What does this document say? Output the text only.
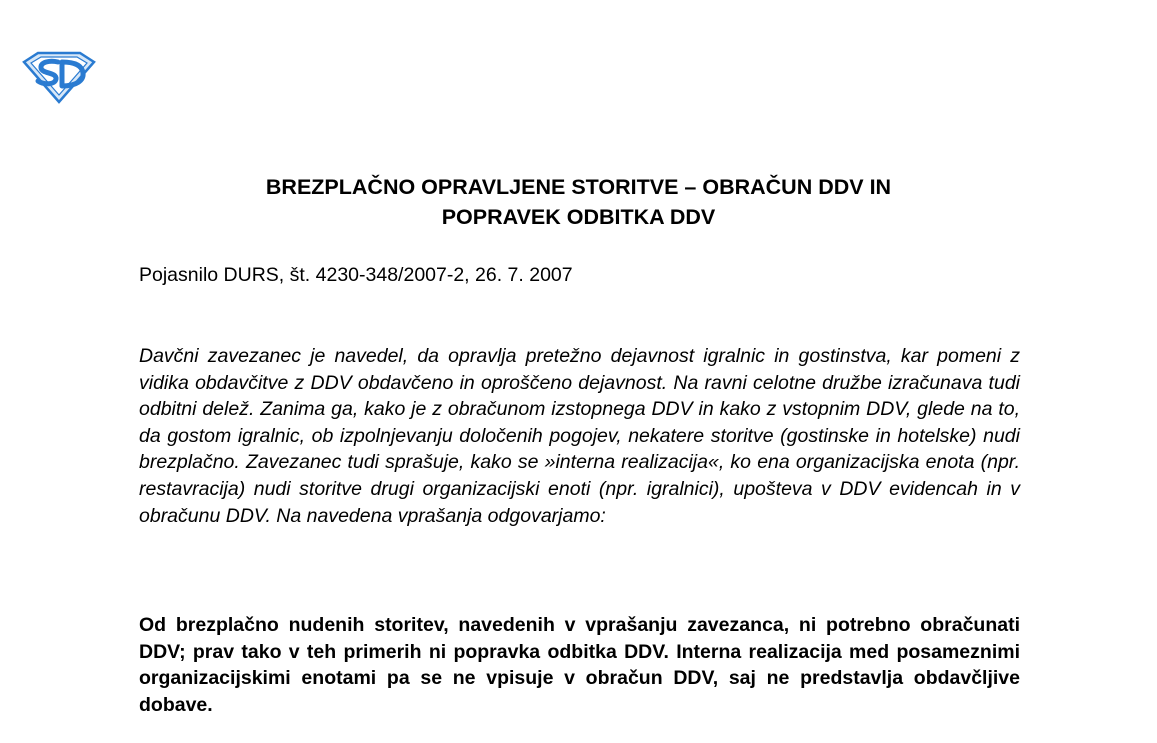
BREZPLAČNO OPRAVLJENE STORITVE – OBRAČUN DDV IN
POPRAVEK ODBITKA DDV

Pojasnilo DURS, št. 4230-348/2007-2, 26. 7. 2007

Davčni zavezanec je navedel, da opravlja pretežno dejavnost igralnic in gostinstva, kar pomeni z vidika obdavčitve z DDV obdavčeno in oproščeno dejavnost. Na ravni celotne družbe izračunava tudi odbitni delež. Zanima ga, kako je z obračunom izstopnega DDV in kako z vstopnim DDV, glede na to, da gostom igralnic, ob izpolnjevanju določenih pogojev, nekatere storitve (gostinske in hotelske) nudi brezplačno. Zavezanec tudi sprašuje, kako se »interna realizacija«, ko ena organizacijska enota (npr. restavracija) nudi storitve drugi organizacijski enoti (npr. igralnici), upošteva v DDV evidencah in v obračunu DDV. Na navedena vprašanja odgovarjamo:

Od brezplačno nudenih storitev, navedenih v vprašanju zavezanca, ni potrebno obračunati DDV; prav tako v teh primerih ni popravka odbitka DDV. Interna realizacija med posameznimi organizacijskimi enotami pa se ne vpisuje v obračun DDV, saj ne predstavlja obdavčljive dobave.
